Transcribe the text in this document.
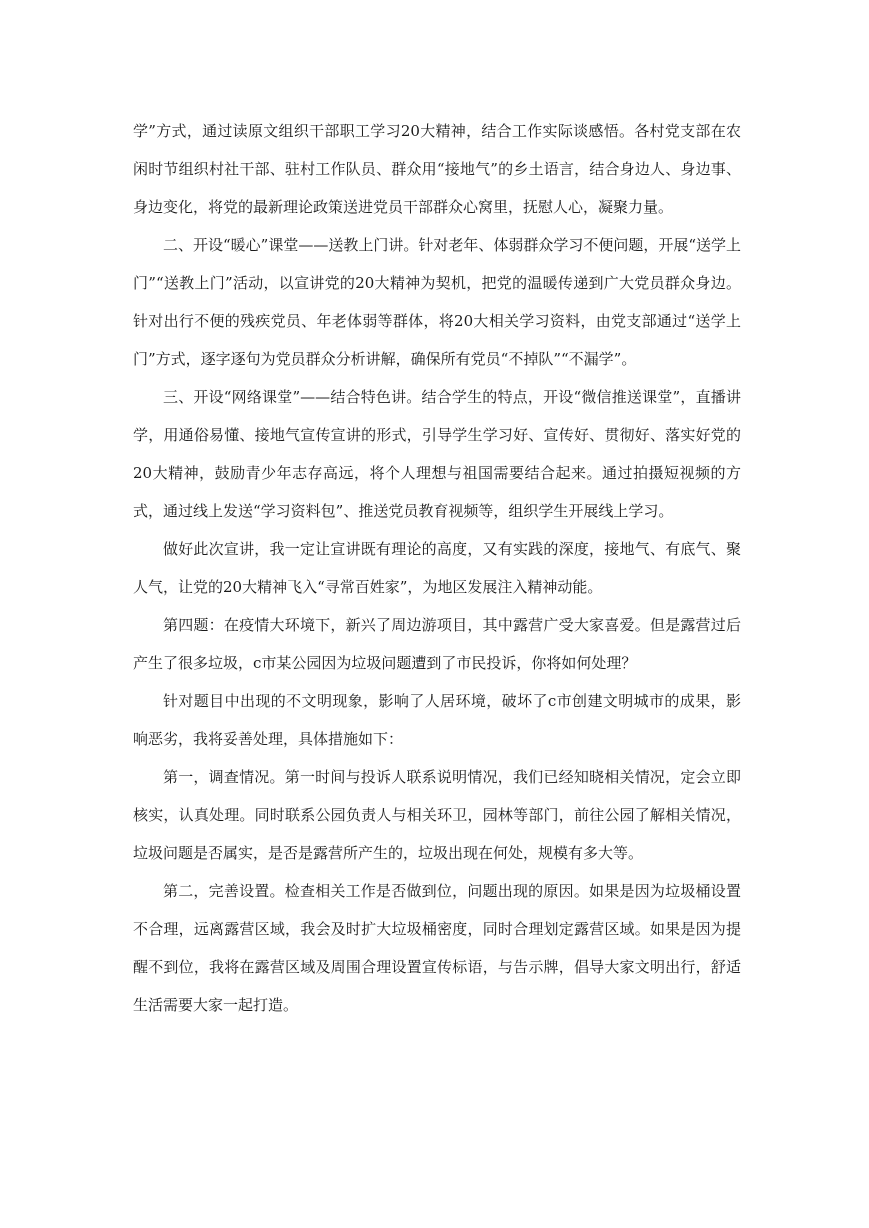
学”方式，通过读原文组织干部职工学习20大精神，结合工作实际谈感悟。各村党支部在农闲时节组织村社干部、驻村工作队员、群众用“接地气”的乡土语言，结合身边人、身边事、身边变化，将党的最新理论政策送进党员干部群众心窝里，抚慰人心，凝聚力量。

二、开设“暖心”课堂——送教上门讲。针对老年、体弱群众学习不便问题，开展“送学上门”“送教上门”活动，以宣讲党的20大精神为契机，把党的温暖传递到广大党员群众身边。针对出行不便的残疾党员、年老体弱等群体，将20大相关学习资料，由党支部通过“送学上门”方式，逐字逐句为党员群众分析讲解，确保所有党员“不掉队”“不漏学”。

三、开设“网络课堂”——结合特色讲。结合学生的特点，开设“微信推送课堂”，直播讲学，用通俗易懂、接地气宣传宣讲的形式，引导学生学习好、宣传好、贯彻好、落实好党的20大精神，鼓励青少年志存高远，将个人理想与祖国需要结合起来。通过拍摄短视频的方式，通过线上发送“学习资料包”、推送党员教育视频等，组织学生开展线上学习。

做好此次宣讲，我一定让宣讲既有理论的高度，又有实践的深度，接地气、有底气、聚人气，让党的20大精神飞入“寻常百姓家”，为地区发展注入精神动能。

第四题：在疫情大环境下，新兴了周边游项目，其中露营广受大家喜爱。但是露营过后产生了很多垃圾，c市某公园因为垃圾问题遭到了市民投诉，你将如何处理？

针对题目中出现的不文明现象，影响了人居环境，破坏了c市创建文明城市的成果，影响恶劣，我将妥善处理，具体措施如下：

第一，调查情况。第一时间与投诉人联系说明情况，我们已经知晓相关情况，定会立即核实，认真处理。同时联系公园负责人与相关环卫，园林等部门，前往公园了解相关情况，垃圾问题是否属实，是否是露营所产生的，垃圾出现在何处，规模有多大等。

第二，完善设置。检查相关工作是否做到位，问题出现的原因。如果是因为垃圾桶设置不合理，远离露营区域，我会及时扩大垃圾桶密度，同时合理划定露营区域。如果是因为提醒不到位，我将在露营区域及周围合理设置宣传标语，与告示牌，倡导大家文明出行，舒适生活需要大家一起打造。
